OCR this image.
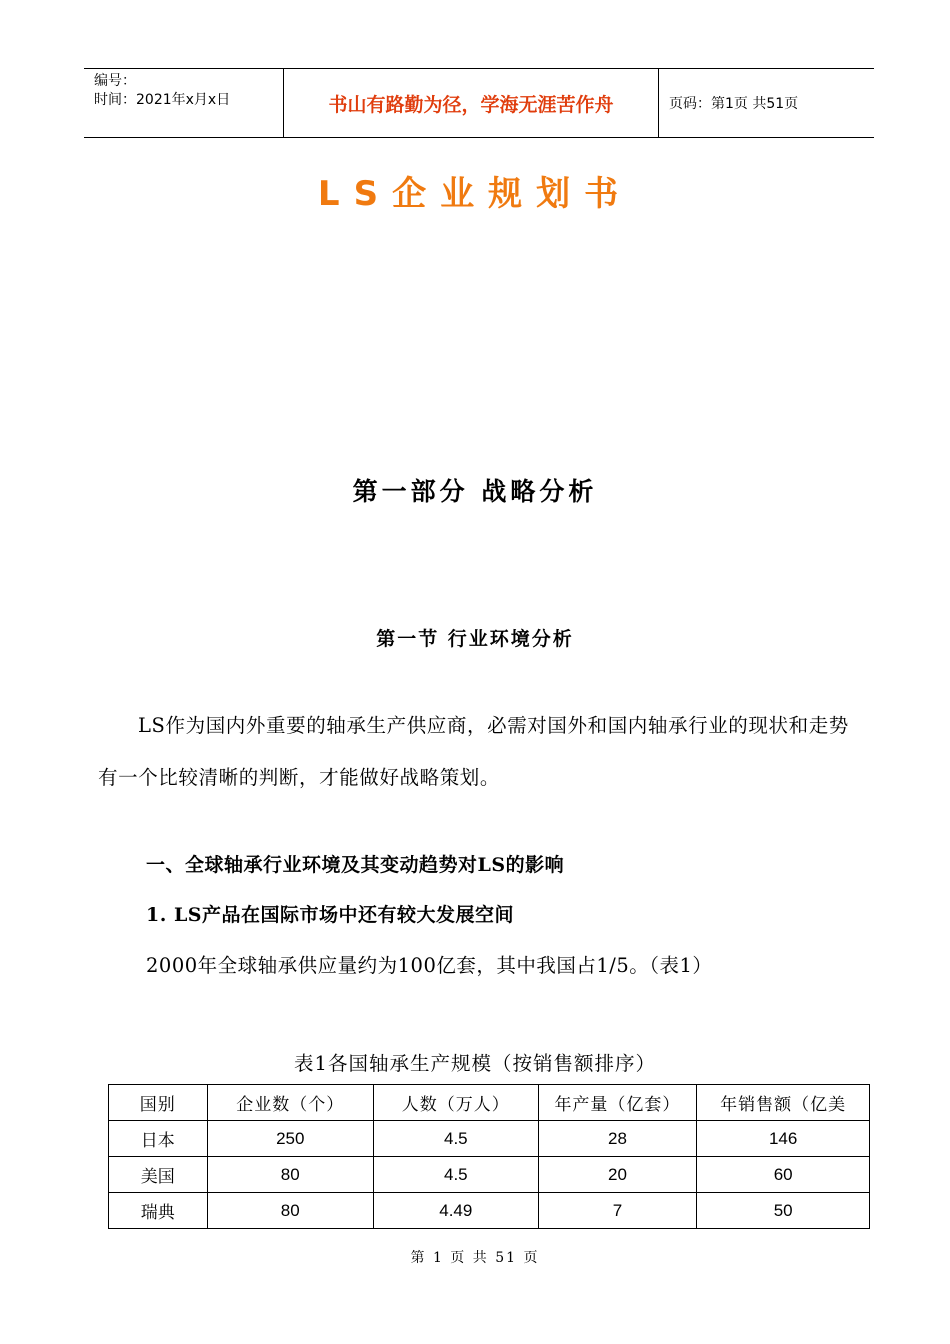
编号：
时间：2021年x月x日	书山有路勤为径，学海无涯苦作舟	页码：第1页 共51页
LS企业规划书
第一部分 战略分析
第一节 行业环境分析
LS作为国内外重要的轴承生产供应商，必需对国外和国内轴承行业的现状和走势有一个比较清晰的判断，才能做好战略策划。
一、全球轴承行业环境及其变动趋势对LS的影响
1. LS产品在国际市场中还有较大发展空间
2000年全球轴承供应量约为100亿套，其中我国占1/5。（表1）
表1各国轴承生产规模（按销售额排序）
国别	企业数（个）	人数（万人）	年产量（亿套）	年销售额（亿美
日本	250	4.5	28	146
美国	80	4.5	20	60
瑞典	80	4.49	7	50
第 1 页 共 51 页
